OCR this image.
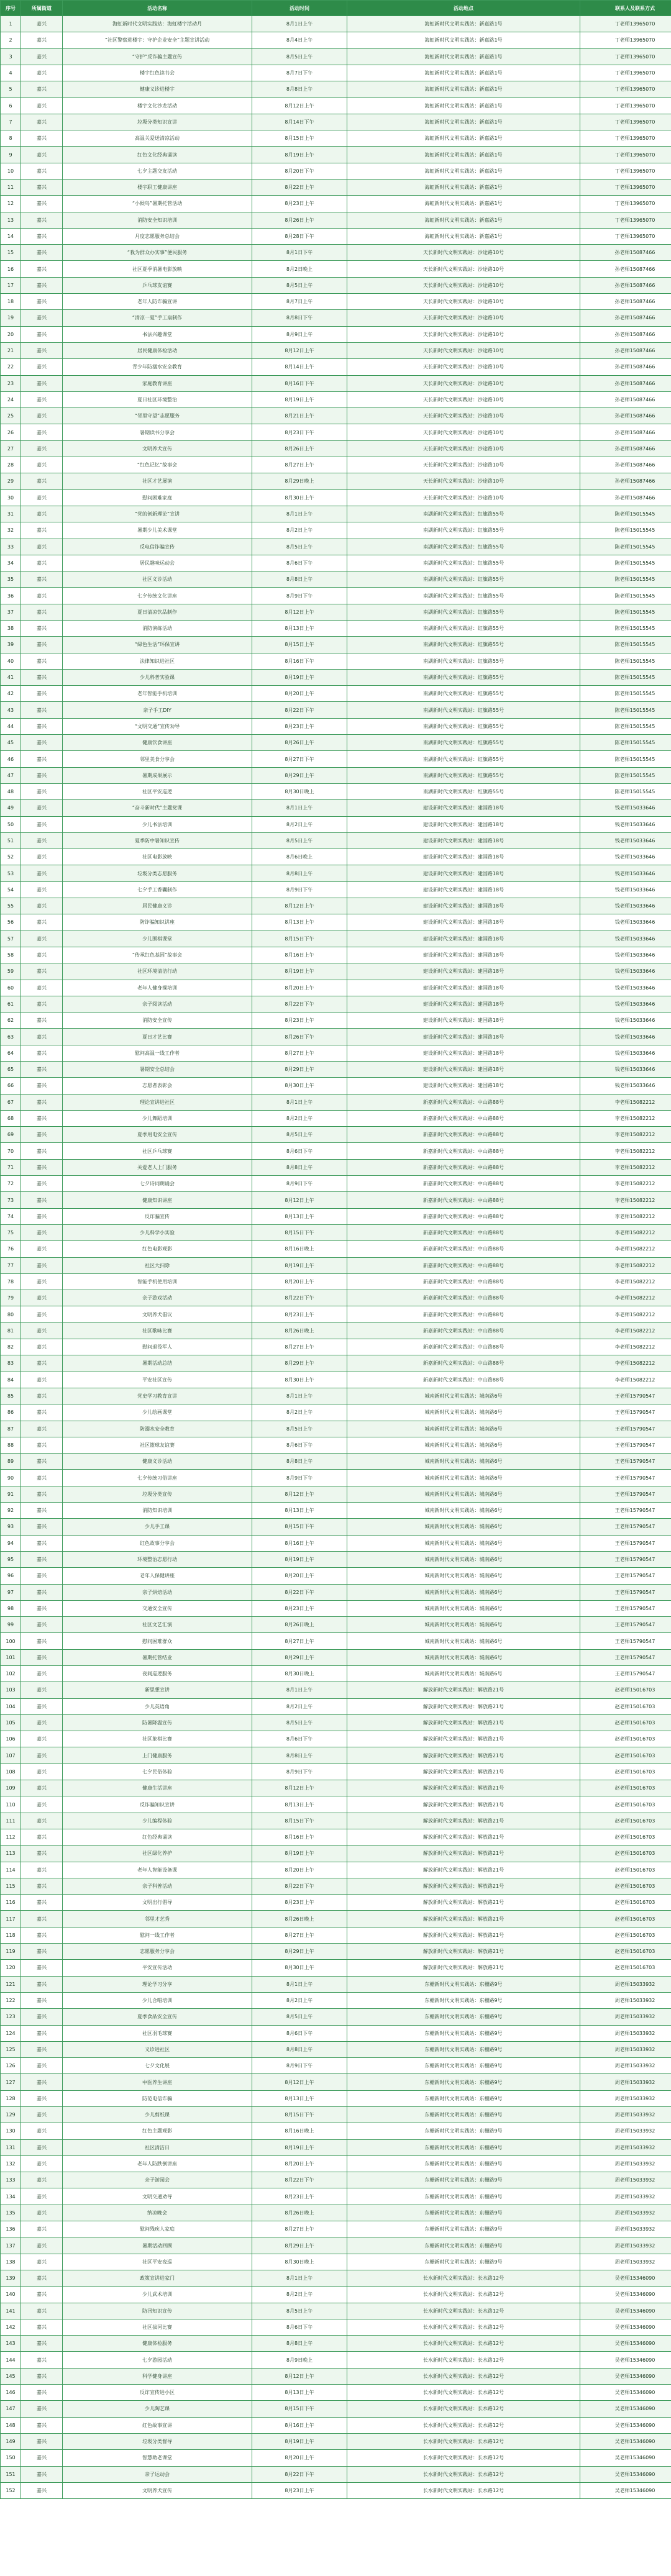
序号	所属街道	活动名称	活动时间	活动地点	联系人及联系方式
1	嘉兴	海虹新时代文明实践站：海虹楼宇活动月	8月1日上午	海虹新时代文明实践站：新嘉路1号	丁老师13965070
2	嘉兴	“社区警察进楼宇：守护企业安全”主题宣讲活动	8月4日上午	海虹新时代文明实践站：新嘉路1号	丁老师13965070
3	嘉兴	“守护”反诈骗主题宣传	8月5日上午	海虹新时代文明实践站：新嘉路1号	丁老师13965070
4	嘉兴	楼宇红色读书会	8月7日下午	海虹新时代文明实践站：新嘉路1号	丁老师13965070
5	嘉兴	健康义诊进楼宇	8月8日上午	海虹新时代文明实践站：新嘉路1号	丁老师13965070
6	嘉兴	楼宇文化沙龙活动	8月12日上午	海虹新时代文明实践站：新嘉路1号	丁老师13965070
7	嘉兴	垃圾分类知识宣讲	8月14日下午	海虹新时代文明实践站：新嘉路1号	丁老师13965070
8	嘉兴	高温关爱送清凉活动	8月15日上午	海虹新时代文明实践站：新嘉路1号	丁老师13965070
9	嘉兴	红色文化经典诵读	8月19日上午	海虹新时代文明实践站：新嘉路1号	丁老师13965070
10	嘉兴	七夕主题交友活动	8月20日下午	海虹新时代文明实践站：新嘉路1号	丁老师13965070
11	嘉兴	楼宇职工健康讲座	8月22日上午	海虹新时代文明实践站：新嘉路1号	丁老师13965070
12	嘉兴	“小候鸟”暑期托管活动	8月23日上午	海虹新时代文明实践站：新嘉路1号	丁老师13965070
13	嘉兴	消防安全知识培训	8月26日上午	海虹新时代文明实践站：新嘉路1号	丁老师13965070
14	嘉兴	月度志愿服务总结会	8月28日下午	海虹新时代文明实践站：新嘉路1号	丁老师13965070
15	嘉兴	“我为群众办实事”便民服务	8月1日下午	天长新时代文明实践站：沙途路10号	孙老师15087466
16	嘉兴	社区夏季消暑电影放映	8月2日晚上	天长新时代文明实践站：沙途路10号	孙老师15087466
17	嘉兴	乒乓球友谊赛	8月5日上午	天长新时代文明实践站：沙途路10号	孙老师15087466
18	嘉兴	老年人防诈骗宣讲	8月7日上午	天长新时代文明实践站：沙途路10号	孙老师15087466
19	嘉兴	“清凉一夏”手工扇制作	8月8日下午	天长新时代文明实践站：沙途路10号	孙老师15087466
20	嘉兴	书法兴趣课堂	8月9日上午	天长新时代文明实践站：沙途路10号	孙老师15087466
21	嘉兴	居民健康体检活动	8月12日上午	天长新时代文明实践站：沙途路10号	孙老师15087466
22	嘉兴	青少年防溺水安全教育	8月14日上午	天长新时代文明实践站：沙途路10号	孙老师15087466
23	嘉兴	家庭教育讲座	8月16日下午	天长新时代文明实践站：沙途路10号	孙老师15087466
24	嘉兴	夏日社区环境整治	8月19日上午	天长新时代文明实践站：沙途路10号	孙老师15087466
25	嘉兴	“邻里守望”志愿服务	8月21日上午	天长新时代文明实践站：沙途路10号	孙老师15087466
26	嘉兴	暑期读书分享会	8月23日下午	天长新时代文明实践站：沙途路10号	孙老师15087466
27	嘉兴	文明养犬宣传	8月26日上午	天长新时代文明实践站：沙途路10号	孙老师15087466
28	嘉兴	“红色记忆”故事会	8月27日上午	天长新时代文明实践站：沙途路10号	孙老师15087466
29	嘉兴	社区才艺展演	8月29日晚上	天长新时代文明实践站：沙途路10号	孙老师15087466
30	嘉兴	慰问困难家庭	8月30日上午	天长新时代文明实践站：沙途路10号	孙老师15087466
31	嘉兴	“党的创新理论”宣讲	8月1日上午	南湖新时代文明实践站：红旗路55号	陈老师15015545
32	嘉兴	暑期少儿美术课堂	8月2日上午	南湖新时代文明实践站：红旗路55号	陈老师15015545
33	嘉兴	反电信诈骗宣传	8月5日上午	南湖新时代文明实践站：红旗路55号	陈老师15015545
34	嘉兴	居民趣味运动会	8月6日下午	南湖新时代文明实践站：红旗路55号	陈老师15015545
35	嘉兴	社区义诊活动	8月8日上午	南湖新时代文明实践站：红旗路55号	陈老师15015545
36	嘉兴	七夕传统文化讲座	8月9日下午	南湖新时代文明实践站：红旗路55号	陈老师15015545
37	嘉兴	夏日清凉饮品制作	8月12日上午	南湖新时代文明实践站：红旗路55号	陈老师15015545
38	嘉兴	消防演练活动	8月13日上午	南湖新时代文明实践站：红旗路55号	陈老师15015545
39	嘉兴	“绿色生活”环保宣讲	8月15日上午	南湖新时代文明实践站：红旗路55号	陈老师15015545
40	嘉兴	法律知识进社区	8月16日下午	南湖新时代文明实践站：红旗路55号	陈老师15015545
41	嘉兴	少儿科普实验课	8月19日上午	南湖新时代文明实践站：红旗路55号	陈老师15015545
42	嘉兴	老年智能手机培训	8月20日上午	南湖新时代文明实践站：红旗路55号	陈老师15015545
43	嘉兴	亲子手工DIY	8月22日下午	南湖新时代文明实践站：红旗路55号	陈老师15015545
44	嘉兴	“文明交通”宣传劝导	8月23日上午	南湖新时代文明实践站：红旗路55号	陈老师15015545
45	嘉兴	健康饮食讲座	8月26日上午	南湖新时代文明实践站：红旗路55号	陈老师15015545
46	嘉兴	邻里美食分享会	8月27日下午	南湖新时代文明实践站：红旗路55号	陈老师15015545
47	嘉兴	暑期成果展示	8月29日上午	南湖新时代文明实践站：红旗路55号	陈老师15015545
48	嘉兴	社区平安巡逻	8月30日晚上	南湖新时代文明实践站：红旗路55号	陈老师15015545
49	嘉兴	“奋斗新时代”主题党课	8月1日上午	建设新时代文明实践站：建国路18号	钱老师15033646
50	嘉兴	少儿书法培训	8月2日上午	建设新时代文明实践站：建国路18号	钱老师15033646
51	嘉兴	夏季防中暑知识宣传	8月5日上午	建设新时代文明实践站：建国路18号	钱老师15033646
52	嘉兴	社区电影放映	8月6日晚上	建设新时代文明实践站：建国路18号	钱老师15033646
53	嘉兴	垃圾分类志愿服务	8月8日上午	建设新时代文明实践站：建国路18号	钱老师15033646
54	嘉兴	七夕手工香囊制作	8月9日下午	建设新时代文明实践站：建国路18号	钱老师15033646
55	嘉兴	居民健康义诊	8月12日上午	建设新时代文明实践站：建国路18号	钱老师15033646
56	嘉兴	防诈骗知识讲座	8月13日上午	建设新时代文明实践站：建国路18号	钱老师15033646
57	嘉兴	少儿围棋课堂	8月15日下午	建设新时代文明实践站：建国路18号	钱老师15033646
58	嘉兴	“传承红色基因”故事会	8月16日上午	建设新时代文明实践站：建国路18号	钱老师15033646
59	嘉兴	社区环境清洁行动	8月19日上午	建设新时代文明实践站：建国路18号	钱老师15033646
60	嘉兴	老年人健身操培训	8月20日上午	建设新时代文明实践站：建国路18号	钱老师15033646
61	嘉兴	亲子阅读活动	8月22日下午	建设新时代文明实践站：建国路18号	钱老师15033646
62	嘉兴	消防安全宣传	8月23日上午	建设新时代文明实践站：建国路18号	钱老师15033646
63	嘉兴	夏日才艺比赛	8月26日下午	建设新时代文明实践站：建国路18号	钱老师15033646
64	嘉兴	慰问高温一线工作者	8月27日上午	建设新时代文明实践站：建国路18号	钱老师15033646
65	嘉兴	暑期安全总结会	8月29日上午	建设新时代文明实践站：建国路18号	钱老师15033646
66	嘉兴	志愿者表彰会	8月30日上午	建设新时代文明实践站：建国路18号	钱老师15033646
67	嘉兴	理论宣讲进社区	8月1日上午	新嘉新时代文明实践站：中山路88号	李老师15082212
68	嘉兴	少儿舞蹈培训	8月2日上午	新嘉新时代文明实践站：中山路88号	李老师15082212
69	嘉兴	夏季用电安全宣传	8月5日上午	新嘉新时代文明实践站：中山路88号	李老师15082212
70	嘉兴	社区乒乓球赛	8月6日下午	新嘉新时代文明实践站：中山路88号	李老师15082212
71	嘉兴	关爱老人上门服务	8月8日上午	新嘉新时代文明实践站：中山路88号	李老师15082212
72	嘉兴	七夕诗词朗诵会	8月9日下午	新嘉新时代文明实践站：中山路88号	李老师15082212
73	嘉兴	健康知识讲座	8月12日上午	新嘉新时代文明实践站：中山路88号	李老师15082212
74	嘉兴	反诈骗宣传	8月13日上午	新嘉新时代文明实践站：中山路88号	李老师15082212
75	嘉兴	少儿科学小实验	8月15日下午	新嘉新时代文明实践站：中山路88号	李老师15082212
76	嘉兴	红色电影观影	8月16日晚上	新嘉新时代文明实践站：中山路88号	李老师15082212
77	嘉兴	社区大扫除	8月19日上午	新嘉新时代文明实践站：中山路88号	李老师15082212
78	嘉兴	智能手机使用培训	8月20日上午	新嘉新时代文明实践站：中山路88号	李老师15082212
79	嘉兴	亲子游戏活动	8月22日下午	新嘉新时代文明实践站：中山路88号	李老师15082212
80	嘉兴	文明养犬倡议	8月23日上午	新嘉新时代文明实践站：中山路88号	李老师15082212
81	嘉兴	社区歌咏比赛	8月26日晚上	新嘉新时代文明实践站：中山路88号	李老师15082212
82	嘉兴	慰问退役军人	8月27日上午	新嘉新时代文明实践站：中山路88号	李老师15082212
83	嘉兴	暑期活动总结	8月29日上午	新嘉新时代文明实践站：中山路88号	李老师15082212
84	嘉兴	平安社区宣传	8月30日上午	新嘉新时代文明实践站：中山路88号	李老师15082212
85	嘉兴	党史学习教育宣讲	8月1日上午	城南新时代文明实践站：城南路6号	王老师15790547
86	嘉兴	少儿绘画课堂	8月2日上午	城南新时代文明实践站：城南路6号	王老师15790547
87	嘉兴	防溺水安全教育	8月5日上午	城南新时代文明实践站：城南路6号	王老师15790547
88	嘉兴	社区篮球友谊赛	8月6日下午	城南新时代文明实践站：城南路6号	王老师15790547
89	嘉兴	健康义诊活动	8月8日上午	城南新时代文明实践站：城南路6号	王老师15790547
90	嘉兴	七夕传统习俗讲座	8月9日下午	城南新时代文明实践站：城南路6号	王老师15790547
91	嘉兴	垃圾分类宣传	8月12日上午	城南新时代文明实践站：城南路6号	王老师15790547
92	嘉兴	消防知识培训	8月13日上午	城南新时代文明实践站：城南路6号	王老师15790547
93	嘉兴	少儿手工课	8月15日下午	城南新时代文明实践站：城南路6号	王老师15790547
94	嘉兴	红色故事分享会	8月16日上午	城南新时代文明实践站：城南路6号	王老师15790547
95	嘉兴	环境整治志愿行动	8月19日上午	城南新时代文明实践站：城南路6号	王老师15790547
96	嘉兴	老年人保健讲座	8月20日上午	城南新时代文明实践站：城南路6号	王老师15790547
97	嘉兴	亲子烘焙活动	8月22日下午	城南新时代文明实践站：城南路6号	王老师15790547
98	嘉兴	交通安全宣传	8月23日上午	城南新时代文明实践站：城南路6号	王老师15790547
99	嘉兴	社区文艺汇演	8月26日晚上	城南新时代文明实践站：城南路6号	王老师15790547
100	嘉兴	慰问困难群众	8月27日上午	城南新时代文明实践站：城南路6号	王老师15790547
101	嘉兴	暑期托管结业	8月29日上午	城南新时代文明实践站：城南路6号	王老师15790547
102	嘉兴	夜间巡逻服务	8月30日晚上	城南新时代文明实践站：城南路6号	王老师15790547
103	嘉兴	新思想宣讲	8月1日上午	解放新时代文明实践站：解放路21号	赵老师15016703
104	嘉兴	少儿英语角	8月2日上午	解放新时代文明实践站：解放路21号	赵老师15016703
105	嘉兴	防暑降温宣传	8月5日上午	解放新时代文明实践站：解放路21号	赵老师15016703
106	嘉兴	社区象棋比赛	8月6日下午	解放新时代文明实践站：解放路21号	赵老师15016703
107	嘉兴	上门健康服务	8月8日上午	解放新时代文明实践站：解放路21号	赵老师15016703
108	嘉兴	七夕民俗体验	8月9日下午	解放新时代文明实践站：解放路21号	赵老师15016703
109	嘉兴	健康生活讲座	8月12日上午	解放新时代文明实践站：解放路21号	赵老师15016703
110	嘉兴	反诈骗知识宣讲	8月13日上午	解放新时代文明实践站：解放路21号	赵老师15016703
111	嘉兴	少儿编程体验	8月15日下午	解放新时代文明实践站：解放路21号	赵老师15016703
112	嘉兴	红色经典诵读	8月16日上午	解放新时代文明实践站：解放路21号	赵老师15016703
113	嘉兴	社区绿化养护	8月19日上午	解放新时代文明实践站：解放路21号	赵老师15016703
114	嘉兴	老年人智能设备课	8月20日上午	解放新时代文明实践站：解放路21号	赵老师15016703
115	嘉兴	亲子科普活动	8月22日下午	解放新时代文明实践站：解放路21号	赵老师15016703
116	嘉兴	文明出行倡导	8月23日上午	解放新时代文明实践站：解放路21号	赵老师15016703
117	嘉兴	邻里才艺秀	8月26日晚上	解放新时代文明实践站：解放路21号	赵老师15016703
118	嘉兴	慰问一线工作者	8月27日上午	解放新时代文明实践站：解放路21号	赵老师15016703
119	嘉兴	志愿服务分享会	8月29日上午	解放新时代文明实践站：解放路21号	赵老师15016703
120	嘉兴	平安宣传活动	8月30日上午	解放新时代文明实践站：解放路21号	赵老师15016703
121	嘉兴	理论学习分享	8月1日上午	东栅新时代文明实践站：东栅路9号	周老师15033932
122	嘉兴	少儿合唱培训	8月2日上午	东栅新时代文明实践站：东栅路9号	周老师15033932
123	嘉兴	夏季食品安全宣传	8月5日上午	东栅新时代文明实践站：东栅路9号	周老师15033932
124	嘉兴	社区羽毛球赛	8月6日下午	东栅新时代文明实践站：东栅路9号	周老师15033932
125	嘉兴	义诊进社区	8月8日上午	东栅新时代文明实践站：东栅路9号	周老师15033932
126	嘉兴	七夕文化展	8月9日下午	东栅新时代文明实践站：东栅路9号	周老师15033932
127	嘉兴	中医养生讲座	8月12日上午	东栅新时代文明实践站：东栅路9号	周老师15033932
128	嘉兴	防范电信诈骗	8月13日上午	东栅新时代文明实践站：东栅路9号	周老师15033932
129	嘉兴	少儿剪纸课	8月15日下午	东栅新时代文明实践站：东栅路9号	周老师15033932
130	嘉兴	红色主题观影	8月16日晚上	东栅新时代文明实践站：东栅路9号	周老师15033932
131	嘉兴	社区清洁日	8月19日上午	东栅新时代文明实践站：东栅路9号	周老师15033932
132	嘉兴	老年人防跌倒讲座	8月20日上午	东栅新时代文明实践站：东栅路9号	周老师15033932
133	嘉兴	亲子游园会	8月22日下午	东栅新时代文明实践站：东栅路9号	周老师15033932
134	嘉兴	文明交通劝导	8月23日上午	东栅新时代文明实践站：东栅路9号	周老师15033932
135	嘉兴	纳凉晚会	8月26日晚上	东栅新时代文明实践站：东栅路9号	周老师15033932
136	嘉兴	慰问残疾人家庭	8月27日上午	东栅新时代文明实践站：东栅路9号	周老师15033932
137	嘉兴	暑期活动回顾	8月29日上午	东栅新时代文明实践站：东栅路9号	周老师15033932
138	嘉兴	社区平安夜巡	8月30日晚上	东栅新时代文明实践站：东栅路9号	周老师15033932
139	嘉兴	政策宣讲进家门	8月1日上午	长水新时代文明实践站：长水路12号	吴老师15346090
140	嘉兴	少儿武术培训	8月2日上午	长水新时代文明实践站：长水路12号	吴老师15346090
141	嘉兴	防汛知识宣传	8月5日上午	长水新时代文明实践站：长水路12号	吴老师15346090
142	嘉兴	社区拔河比赛	8月6日下午	长水新时代文明实践站：长水路12号	吴老师15346090
143	嘉兴	健康体检服务	8月8日上午	长水新时代文明实践站：长水路12号	吴老师15346090
144	嘉兴	七夕游园活动	8月9日晚上	长水新时代文明实践站：长水路12号	吴老师15346090
145	嘉兴	科学健身讲座	8月12日上午	长水新时代文明实践站：长水路12号	吴老师15346090
146	嘉兴	反诈宣传进小区	8月13日上午	长水新时代文明实践站：长水路12号	吴老师15346090
147	嘉兴	少儿陶艺课	8月15日下午	长水新时代文明实践站：长水路12号	吴老师15346090
148	嘉兴	红色故事宣讲	8月16日上午	长水新时代文明实践站：长水路12号	吴老师15346090
149	嘉兴	垃圾分类督导	8月19日上午	长水新时代文明实践站：长水路12号	吴老师15346090
150	嘉兴	智慧助老课堂	8月20日上午	长水新时代文明实践站：长水路12号	吴老师15346090
151	嘉兴	亲子运动会	8月22日下午	长水新时代文明实践站：长水路12号	吴老师15346090
152	嘉兴	文明养犬宣传	8月23日上午	长水新时代文明实践站：长水路12号	吴老师15346090
